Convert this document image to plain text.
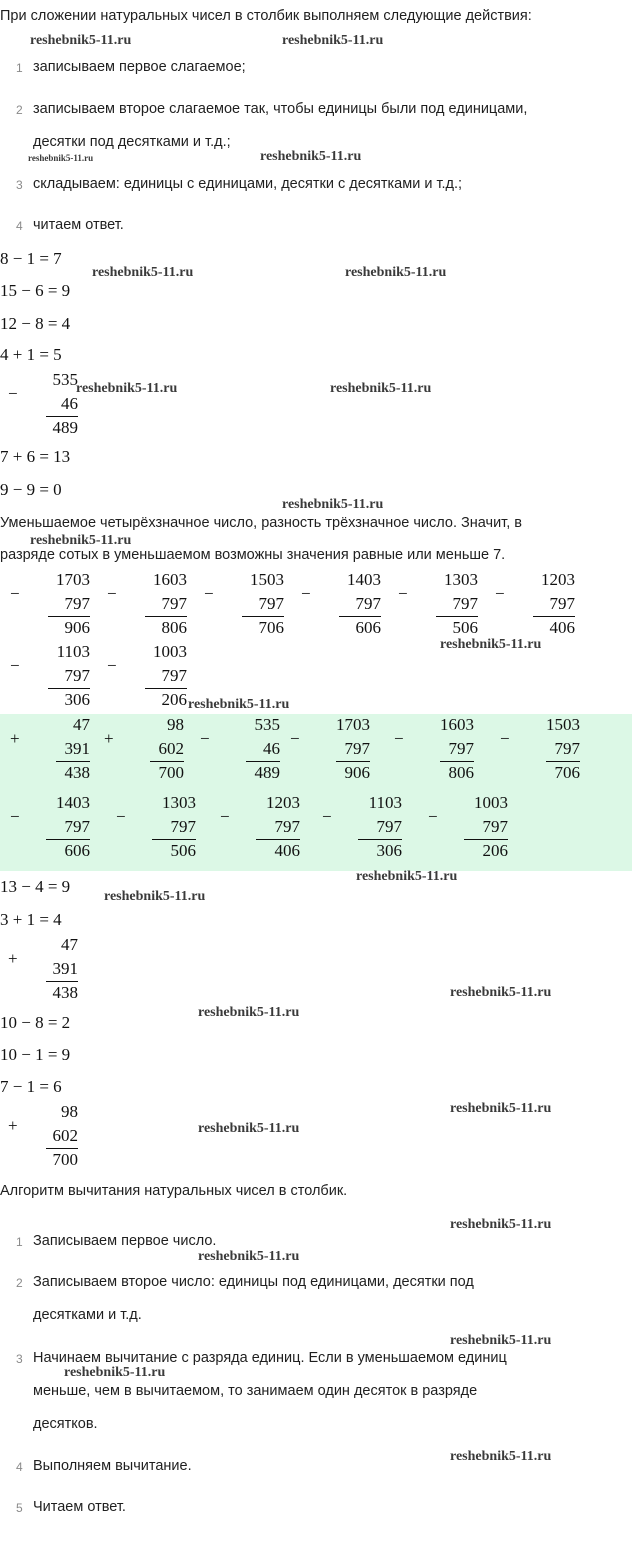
При сложении натуральных чисел в столбик выполняем следующие действия:
1 записываем первое слагаемое;
2 записываем второе слагаемое так, чтобы единицы были под единицами,
десятки под десятками и т.д.;
3 складываем: единицы с единицами, десятки с десятками и т.д.;
4 читаем ответ.
8 − 1 = 7
15 − 6 = 9
12 − 8 = 4
4 + 1 = 5
−
535
46
489
7 + 6 = 13
9 − 9 = 0
Уменьшаемое четырёхзначное число, разность трёхзначное число. Значит, в
разряде сотых в уменьшаемом возможны значения равные или меньше 7.
−
1703
797
906
−
1603
797
806
−
1503
797
706
−
1403
797
606
−
1303
797
506
−
1203
797
406
−
1103
797
306
−
1003
797
206
+
47
391
438
+
98
602
700
−
535
46
489
−
1703
797
906
−
1603
797
806
−
1503
797
706
−
1403
797
606
−
1303
797
506
−
1203
797
406
−
1103
797
306
−
1003
797
206
13 − 4 = 9
3 + 1 = 4
+
47
391
438
10 − 8 = 2
10 − 1 = 9
7 − 1 = 6
+
98
602
700
Алгоритм вычитания натуральных чисел в столбик.
1 Записываем первое число.
2 Записываем второе число: единицы под единицами, десятки под
десятками и т.д.
3 Начинаем вычитание с разряда единиц. Если в уменьшаемом единиц
меньше, чем в вычитаемом, то занимаем один десяток в разряде
десятков.
4 Выполняем вычитание.
5 Читаем ответ.
reshebnik5-11.ru	reshebnik5-11.ru
reshebnik5-11.ru	reshebnik5-11.ru
reshebnik5-11.ru	reshebnik5-11.ru
reshebnik5-11.ru	reshebnik5-11.ru
reshebnik5-11.ru
reshebnik5-11.ru
reshebnik5-11.ru
reshebnik5-11.ru
reshebnik5-11.ru
reshebnik5-11.ru
reshebnik5-11.ru
reshebnik5-11.ru
reshebnik5-11.ru
reshebnik5-11.ru
reshebnik5-11.ru
reshebnik5-11.ru
reshebnik5-11.ru
reshebnik5-11.ru
reshebnik5-11.ru
